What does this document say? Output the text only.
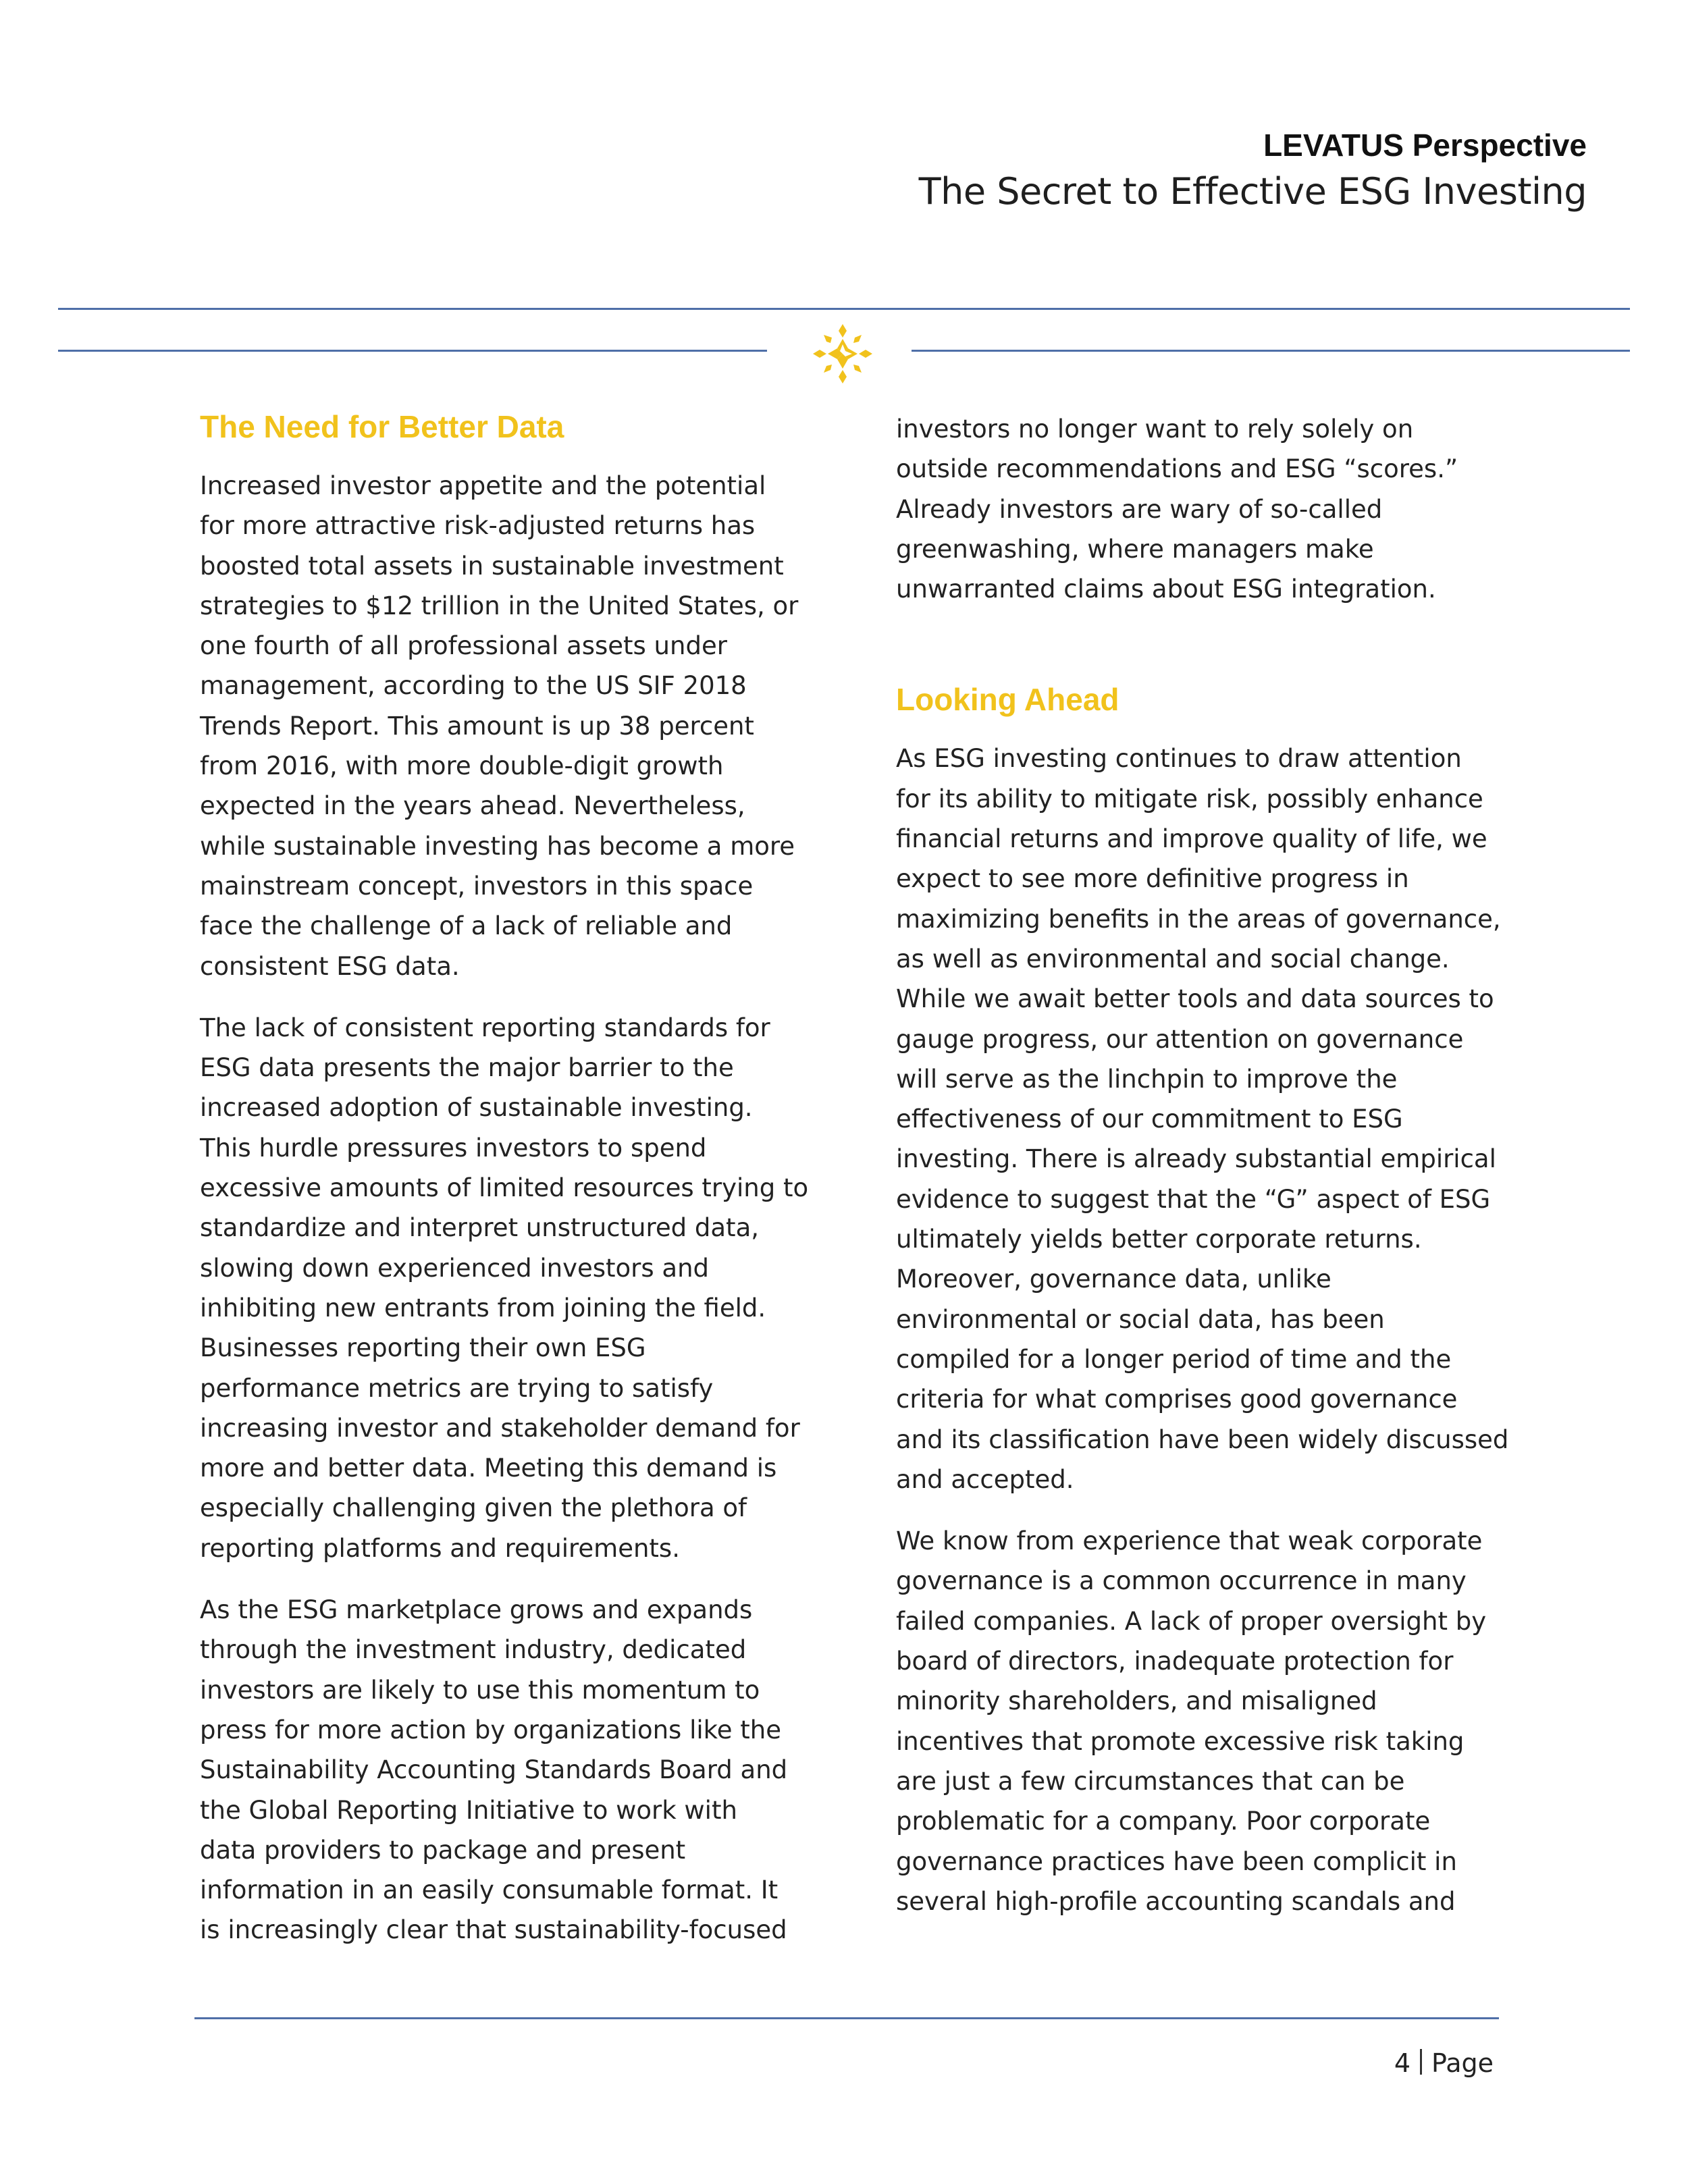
LEVATUS Perspective
The Secret to Effective ESG Investing
The Need for Better Data

Increased investor appetite and the potential
for more attractive risk-adjusted returns has
boosted total assets in sustainable investment
strategies to $12 trillion in the United States, or
one fourth of all professional assets under
management, according to the US SIF 2018
Trends Report. This amount is up 38 percent
from 2016, with more double-digit growth
expected in the years ahead. Nevertheless,
while sustainable investing has become a more
mainstream concept, investors in this space
face the challenge of a lack of reliable and
consistent ESG data.

The lack of consistent reporting standards for
ESG data presents the major barrier to the
increased adoption of sustainable investing.
This hurdle pressures investors to spend
excessive amounts of limited resources trying to
standardize and interpret unstructured data,
slowing down experienced investors and
inhibiting new entrants from joining the field.
Businesses reporting their own ESG
performance metrics are trying to satisfy
increasing investor and stakeholder demand for
more and better data. Meeting this demand is
especially challenging given the plethora of
reporting platforms and requirements.

As the ESG marketplace grows and expands
through the investment industry, dedicated
investors are likely to use this momentum to
press for more action by organizations like the
Sustainability Accounting Standards Board and
the Global Reporting Initiative to work with
data providers to package and present
information in an easily consumable format. It
is increasingly clear that sustainability-focused

investors no longer want to rely solely on
outside recommendations and ESG “scores.”
Already investors are wary of so-called
greenwashing, where managers make
unwarranted claims about ESG integration.

Looking Ahead

As ESG investing continues to draw attention
for its ability to mitigate risk, possibly enhance
financial returns and improve quality of life, we
expect to see more definitive progress in
maximizing benefits in the areas of governance,
as well as environmental and social change.
While we await better tools and data sources to
gauge progress, our attention on governance
will serve as the linchpin to improve the
effectiveness of our commitment to ESG
investing. There is already substantial empirical
evidence to suggest that the “G” aspect of ESG
ultimately yields better corporate returns.
Moreover, governance data, unlike
environmental or social data, has been
compiled for a longer period of time and the
criteria for what comprises good governance
and its classification have been widely discussed
and accepted.

We know from experience that weak corporate
governance is a common occurrence in many
failed companies. A lack of proper oversight by
board of directors, inadequate protection for
minority shareholders, and misaligned
incentives that promote excessive risk taking
are just a few circumstances that can be
problematic for a company. Poor corporate
governance practices have been complicit in
several high-profile accounting scandals and

4 Page
